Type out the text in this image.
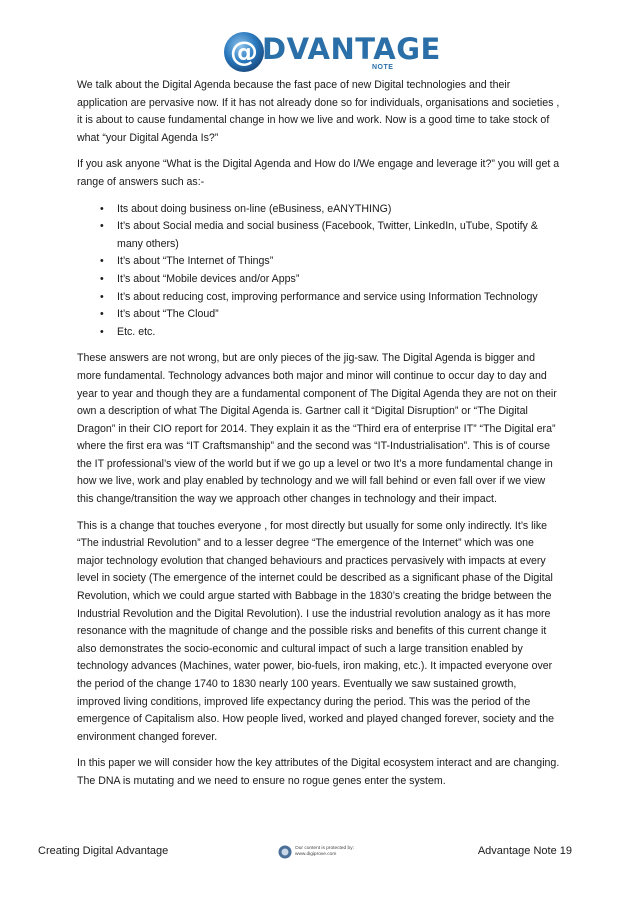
@ DVANTAGE
NOTE

We talk about the Digital Agenda because the fast pace of new Digital technologies and their application are pervasive now. If it has not already done so for individuals, organisations and societies , it is about to cause fundamental change in how we live and work. Now is a good time to take stock of what “your Digital Agenda Is?”

If you ask anyone “What is the Digital Agenda and How do I/We engage and leverage it?” you will get a range of answers such as:-

• Its about doing business on-line (eBusiness, eANYTHING)
• It’s about Social media and social business (Facebook, Twitter, LinkedIn, uTube, Spotify & many others)
• It’s about “The Internet of Things”
• It’s about “Mobile devices and/or Apps”
• It’s about reducing cost, improving performance and service using Information Technology
• It’s about “The Cloud”
• Etc. etc.

These answers are not wrong, but are only pieces of the jig-saw. The Digital Agenda is bigger and more fundamental. Technology advances both major and minor will continue to occur day to day and year to year and though they are a fundamental component of The Digital Agenda they are not on their own a description of what The Digital Agenda is. Gartner call it “Digital Disruption” or “The Digital Dragon” in their CIO report for 2014. They explain it as the “Third era of enterprise IT” “The Digital era” where the first era was “IT Craftsmanship” and the second was “IT-Industrialisation”. This is of course the IT professional’s view of the world but if we go up a level or two It’s a more fundamental change in how we live, work and play enabled by technology and we will fall behind or even fall over if we view this change/transition the way we approach other changes in technology and their impact.

This is a change that touches everyone , for most directly but usually for some only indirectly. It’s like “The industrial Revolution” and to a lesser degree “The emergence of the Internet” which was one major technology evolution that changed behaviours and practices pervasively with impacts at every level in society (The emergence of the internet could be described as a significant phase of the Digital Revolution, which we could argue started with Babbage in the 1830’s creating the bridge between the Industrial Revolution and the Digital Revolution). I use the industrial revolution analogy as it has more resonance with the magnitude of change and the possible risks and benefits of this current change it also demonstrates the socio-economic and cultural impact of such a large transition enabled by technology advances (Machines, water power, bio-fuels, iron making, etc.). It impacted everyone over the period of the change 1740 to 1830 nearly 100 years. Eventually we saw sustained growth, improved living conditions, improved life expectancy during the period. This was the period of the emergence of Capitalism also. How people lived, worked and played changed forever, society and the environment changed forever.

In this paper we will consider how the key attributes of the Digital ecosystem interact and are changing. The DNA is mutating and we need to ensure no rogue genes enter the system.

Creating Digital Advantage	Our content is protected by:
www.digiprove.com	Advantage Note 19
